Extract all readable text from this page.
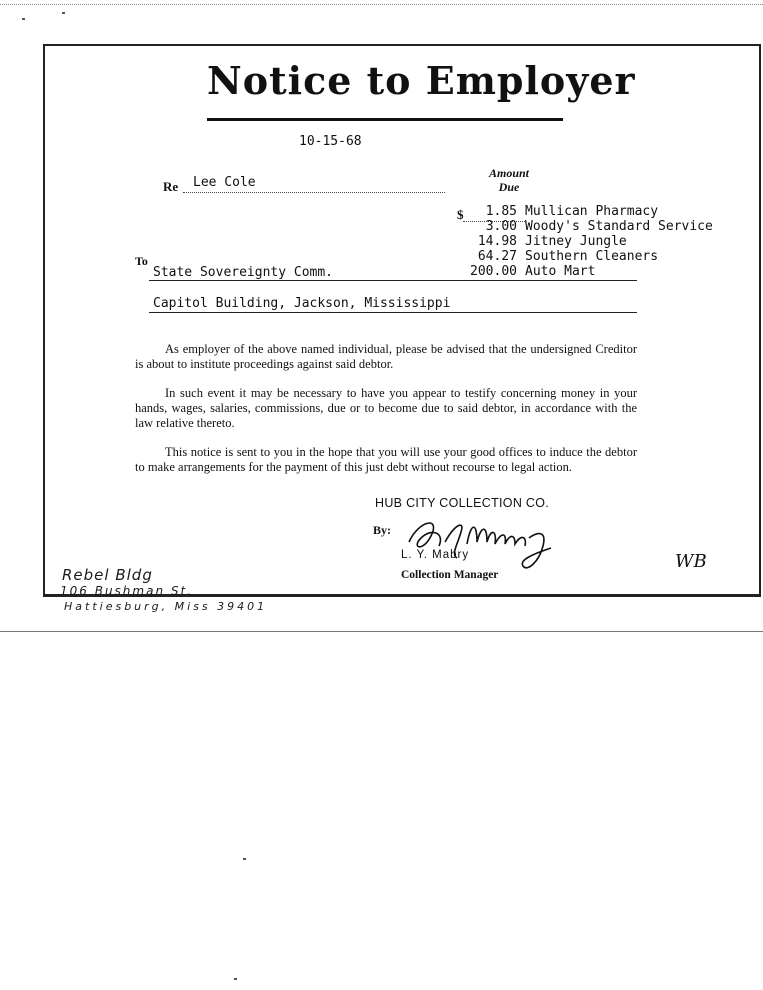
Notice to Employer
10-15-68
Re Lee Cole
Amount
Due
$	1.85 Mullican Pharmacy
3.00 Woody's Standard Service
14.98 Jitney Jungle
64.27 Southern Cleaners
200.00 Auto Mart
To
State Sovereignty Comm.
Capitol Building, Jackson, Mississippi

As employer of the above named individual, please be advised that the undersigned Creditor is about to institute proceedings against said debtor.

In such event it may be necessary to have you appear to testify concerning money in your hands, wages, salaries, commissions, due or to become due to said debtor, in accordance with the law relative thereto.

This notice is sent to you in the hope that you will use your good offices to induce the debtor to make arrangements for the payment of this just debt without recourse to legal action.

HUB CITY COLLECTION CO.
By:
L. Y. Mabry
Collection Manager
WB
Rebel Bldg
106 Bushman St.
Hattiesburg, Miss 39401
